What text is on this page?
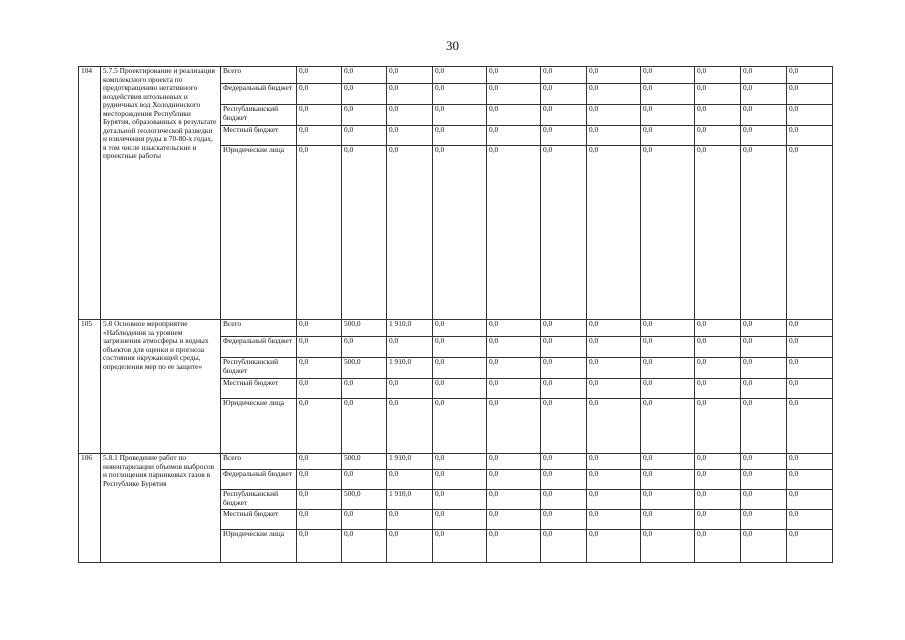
30
104	5.7.5 Проектирование и реализация комплексного проекта по предотвращению негативного воздействия штольневых и рудничных вод Холоднинского месторождения Республики Бурятия, образованных в результате детальной геологической разведки и извлечения руды в 70-80-х годах, в том числе изыскательские и проектные работы	Всего	0,0	0,0	0,0	0,0	0,0	0,0	0,0	0,0	0,0	0,0	0,0
		Федеральный бюджет	0,0	0,0	0,0	0,0	0,0	0,0	0,0	0,0	0,0	0,0	0,0
		Республиканский бюджет	0,0	0,0	0,0	0,0	0,0	0,0	0,0	0,0	0,0	0,0	0,0
		Местный бюджет	0,0	0,0	0,0	0,0	0,0	0,0	0,0	0,0	0,0	0,0	0,0
		Юридические лица	0,0	0,0	0,0	0,0	0,0	0,0	0,0	0,0	0,0	0,0	0,0
105	5.8 Основное мероприятие «Наблюдения за уровнем загрязнения атмосферы и водных объектов для оценки и прогноза состояния окружающей среды, определения мер по ее защите»	Всего	0,0	500,0	1 910,0	0,0	0,0	0,0	0,0	0,0	0,0	0,0	0,0
		Федеральный бюджет	0,0	0,0	0,0	0,0	0,0	0,0	0,0	0,0	0,0	0,0	0,0
		Республиканский бюджет	0,0	500,0	1 910,0	0,0	0,0	0,0	0,0	0,0	0,0	0,0	0,0
		Местный бюджет	0,0	0,0	0,0	0,0	0,0	0,0	0,0	0,0	0,0	0,0	0,0
		Юридические лица	0,0	0,0	0,0	0,0	0,0	0,0	0,0	0,0	0,0	0,0	0,0
106	5.8.1 Проведение работ по инвентаризации объемов выбросов и поглощения парниковых газов в Республике Бурятия	Всего	0,0	500,0	1 910,0	0,0	0,0	0,0	0,0	0,0	0,0	0,0	0,0
		Федеральный бюджет	0,0	0,0	0,0	0,0	0,0	0,0	0,0	0,0	0,0	0,0	0,0
		Республиканский бюджет	0,0	500,0	1 910,0	0,0	0,0	0,0	0,0	0,0	0,0	0,0	0,0
		Местный бюджет	0,0	0,0	0,0	0,0	0,0	0,0	0,0	0,0	0,0	0,0	0,0
		Юридические лица	0,0	0,0	0,0	0,0	0,0	0,0	0,0	0,0	0,0	0,0	0,0
